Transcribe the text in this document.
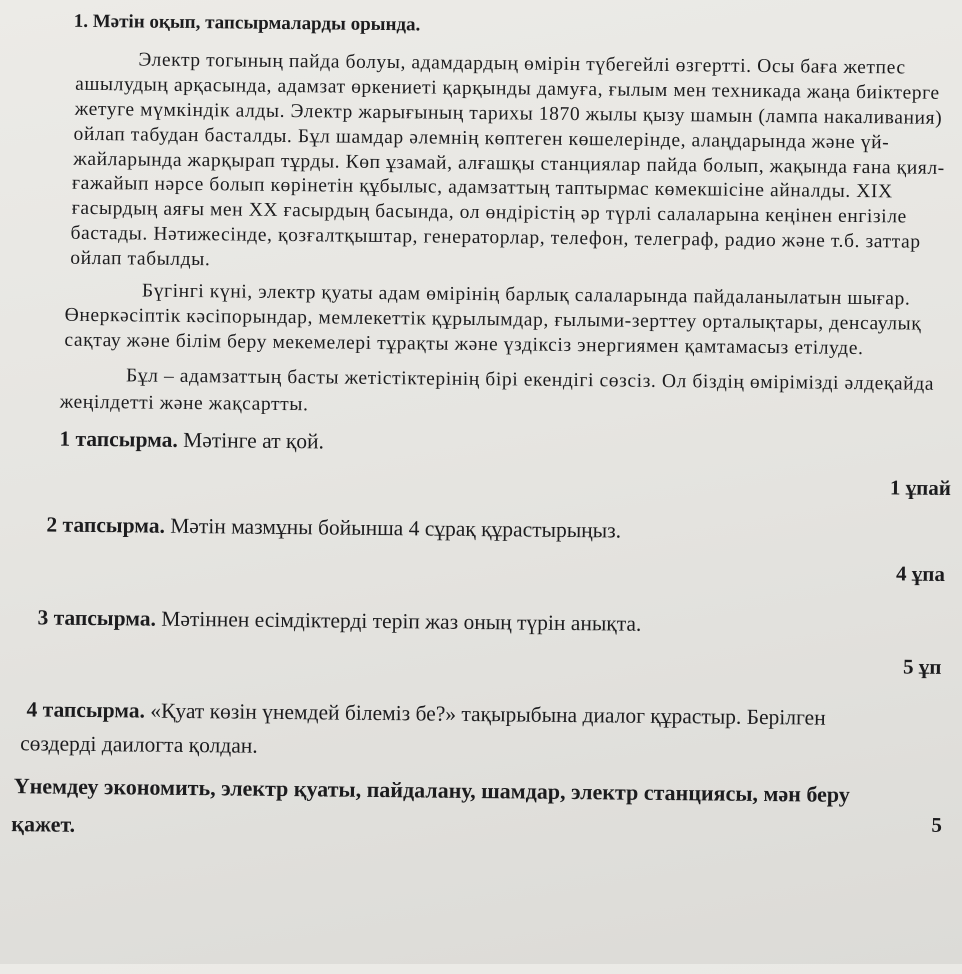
1. Мәтін оқып, тапсырмаларды орында.
Электр тогының пайда болуы, адамдардың өмірін түбегейлі өзгертті. Осы баға жетпес
ашылудың арқасында, адамзат өркениеті қарқынды дамуға, ғылым мен техникада жаңа биіктерге
жетуге мүмкіндік алды. Электр жарығының тарихы 1870 жылы қызу шамын (лампа накаливания)
ойлап табудан басталды. Бұл шамдар әлемнің көптеген көшелерінде, алаңдарында және үй-
жайларында жарқырап тұрды. Көп ұзамай, алғашқы станциялар пайда болып, жақында ғана қиял-
ғажайып нәрсе болып көрінетін құбылыс, адамзаттың таптырмас көмекшісіне айналды. XIX
ғасырдың аяғы мен XX ғасырдың басында, ол өндірістің әр түрлі салаларына кеңінен енгізіле
бастады. Нәтижесінде, қозғалтқыштар, генераторлар, телефон, телеграф, радио және т.б. заттар
ойлап табылды.
Бүгінгі күні, электр қуаты адам өмірінің барлық салаларында пайдаланылатын шығар.
Өнеркәсіптік кәсіпорындар, мемлекеттік құрылымдар, ғылыми-зерттеу орталықтары, денсаулық
сақтау және білім беру мекемелері тұрақты және үздіксіз энергиямен қамтамасыз етілуде.
Бұл – адамзаттың басты жетістіктерінің бірі екендігі сөзсіз. Ол біздің өмірімізді әлдеқайда
жеңілдетті және жақсартты.
1 тапсырма. Мәтінге ат қой.
1 ұпай
2 тапсырма. Мәтін мазмұны бойынша 4 сұрақ құрастырыңыз.
4 ұпа
3 тапсырма. Мәтіннен есімдіктерді теріп жаз оның түрін анықта.
5 ұп
4 тапсырма. «Қуат көзін үнемдей білеміз бе?» тақырыбына диалог құрастыр. Берілген
сөздерді даилогта қолдан.
Үнемдеу экономить, электр қуаты, пайдалану, шамдар, электр станциясы, мән беру
қажет.	5
